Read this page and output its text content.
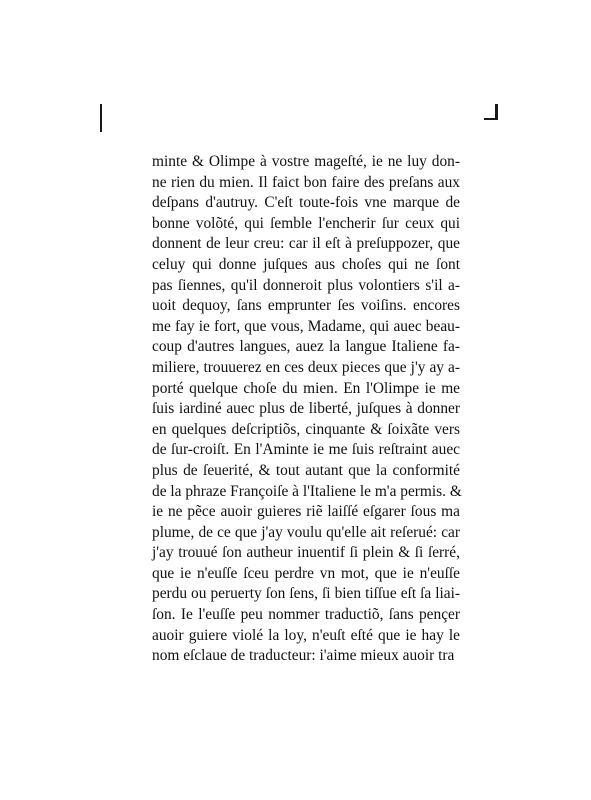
minte & Olimpe à vostre mageſté, ie ne luy don-
ne rien du mien. Il faict bon faire des preſans aux
deſpans d'autruy. C'eſt toute-fois vne marque de
bonne volõté, qui ſemble l'encherir ſur ceux qui
donnent de leur creu: car il eſt à preſuppozer, que
celuy qui donne juſques aus choſes qui ne ſont
pas ſiennes, qu'il donneroit plus volontiers s'il a-
uoit dequoy, ſans emprunter ſes voiſins. encores
me fay ie fort, que vous, Madame, qui auec beau-
coup d'autres langues, auez la langue Italiene fa-
miliere, trouuerez en ces deux pieces que j'y ay a-
porté quelque choſe du mien. En l'Olimpe ie me
ſuis iardiné auec plus de liberté, juſques à donner
en quelques deſcriptiõs, cinquante & ſoixãte vers
de ſur-croiſt. En l'Aminte ie me ſuis reſtraint auec
plus de ſeuerité, & tout autant que la conformité
de la phraze Françoiſe à l'Italiene le m'a permis. &
ie ne pẽce auoir guieres riẽ laiſſé eſgarer ſous ma
plume, de ce que j'ay voulu qu'elle ait reſerué: car
j'ay trouué ſon autheur inuentif ſi plein & ſi ſerré,
que ie n'euſſe ſceu perdre vn mot, que ie n'euſſe
perdu ou peruerty ſon ſens, ſi bien tiſſue eſt ſa liai-
ſon. Ie l'euſſe peu nommer traductiõ, ſans pençer
auoir guiere violé la loy, n'euſt eſté que ie hay le
nom eſclaue de traducteur: i'aime mieux auoir tra
